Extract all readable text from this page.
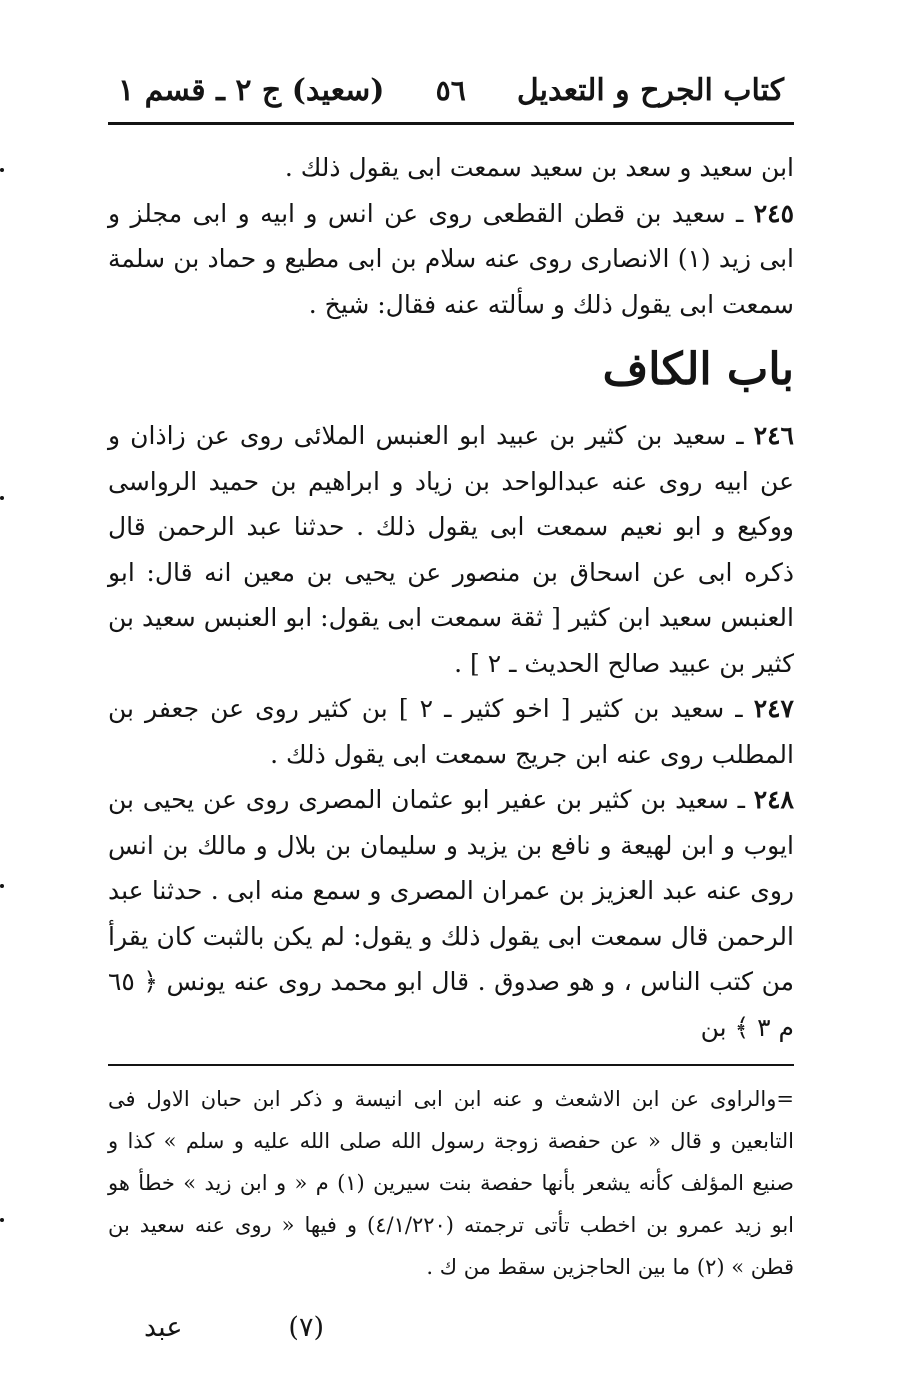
كتاب الجرح و التعديل
٥٦
(سعيد) ج ٢ ـ قسم ١

ابن سعيد و سعد بن سعيد سمعت ابى يقول ذلك .

٢٤٥ ـ سعيد بن قطن القطعى روى عن انس و ابيه و ابى مجلز و ابى زيد (١) الانصارى روى عنه سلام بن ابى مطيع و حماد بن سلمة سمعت ابى يقول ذلك و سألته عنه فقال: شيخ .

باب الكاف

٢٤٦ ـ سعيد بن كثير بن عبيد ابو العنبس الملائى روى عن زاذان و عن ابيه روى عنه عبدالواحد بن زياد و ابراهيم بن حميد الرواسى ووكيع و ابو نعيم سمعت ابى يقول ذلك . حدثنا عبد الرحمن قال ذكره ابى عن اسحاق بن منصور عن يحيى بن معين انه قال: ابو العنبس سعيد ابن كثير [ ثقة سمعت ابى يقول: ابو العنبس سعيد بن كثير بن عبيد صالح الحديث ـ ٢ ] .

٢٤٧ ـ سعيد بن كثير [ اخو كثير ـ ٢ ] بن كثير روى عن جعفر بن المطلب روى عنه ابن جريج سمعت ابى يقول ذلك .

٢٤٨ ـ سعيد بن كثير بن عفير ابو عثمان المصرى روى عن يحيى بن ايوب و ابن لهيعة و نافع بن يزيد و سليمان بن بلال و مالك بن انس روى عنه عبد العزيز بن عمران المصرى و سمع منه ابى . حدثنا عبد الرحمن قال سمعت ابى يقول ذلك و يقول: لم يكن بالثبت كان يقرأ من كتب الناس ، و هو صدوق . قال ابو محمد روى عنه يونس ﴿ ٦٥ م ٣ ﴾ بن

=والراوى عن ابن الاشعث و عنه ابن ابى انيسة و ذكر ابن حبان الاول فى التابعين و قال « عن حفصة زوجة رسول الله صلى الله عليه و سلم » كذا و صنيع المؤلف كأنه يشعر بأنها حفصة بنت سيرين (١) م « و ابن زيد » خطأ هو ابو زيد عمرو بن اخطب تأتى ترجمته (٤/١/٢٢٠) و فيها « روى عنه سعيد بن قطن » (٢) ما بين الحاجزين سقط من ك .

(٧)
عبد
